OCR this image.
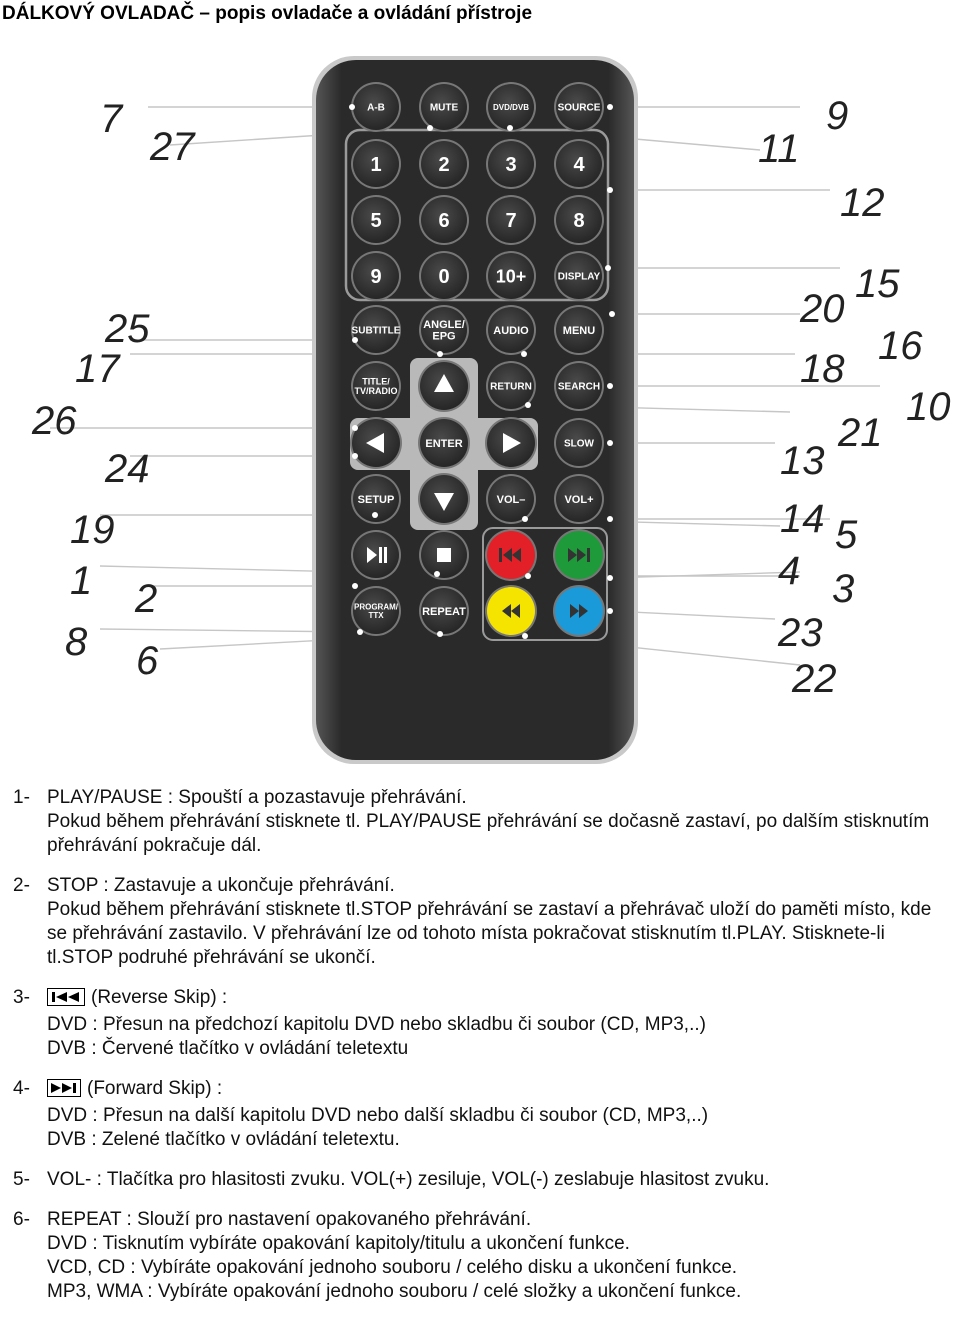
DÁLKOVÝ OVLADAČ – popis ovladače a ovládání přístroje
A-B	MUTE	DVD/DVB	SOURCE
1	2	3	4
5	6	7	8
9	0	10+	DISPLAY
SUBTITLE ANGLE/
EPG	AUDIO	MENU
TITLE/
TV/RADIO	RETURN	SEARCH
SLOW
SETUP	VOL–	VOL+
PROGRAM/
TTX	REPEAT
ENTER
7
27
9
11
12
15
20
25
17	18
16
26	10
21
24	13
14 5
19
4
1	3
2
23
8
22
6
1- PLAY/PAUSE : Spouští a pozastavuje přehrávání.

Pokud během přehrávání stisknete tl. PLAY/PAUSE přehrávání se dočasně zastaví, po dalším stisknutím přehrávání pokračuje dál.

2- STOP : Zastavuje a ukončuje přehrávání.

Pokud během přehrávání stisknete tl.STOP přehrávání se zastaví a přehrávač uloží do paměti místo, kde se přehrávání zastavilo. V přehrávání lze od tohoto místa pokračovat stisknutím tl.PLAY. Stisknete-li tl.STOP podruhé přehrávání se ukončí.

3-	(Reverse Skip) :

DVD : Přesun na předchozí kapitolu DVD nebo skladbu či soubor (CD, MP3,..)

DVB : Červené tlačítko v ovládání teletextu

4-	(Forward Skip) :

DVD : Přesun na další kapitolu DVD nebo další skladbu či soubor (CD, MP3,..)

DVB : Zelené tlačítko v ovládání teletextu.

5- VOL- : Tlačítka pro hlasitosti zvuku. VOL(+) zesiluje, VOL(-) zeslabuje hlasitost zvuku.

6- REPEAT : Slouží pro nastavení opakovaného přehrávání.

DVD : Tisknutím vybíráte opakování kapitoly/titulu a ukončení funkce.

VCD, CD : Vybíráte opakování jednoho souboru / celého disku a ukončení funkce.

MP3, WMA : Vybíráte opakování jednoho souboru / celé složky a ukončení funkce.
